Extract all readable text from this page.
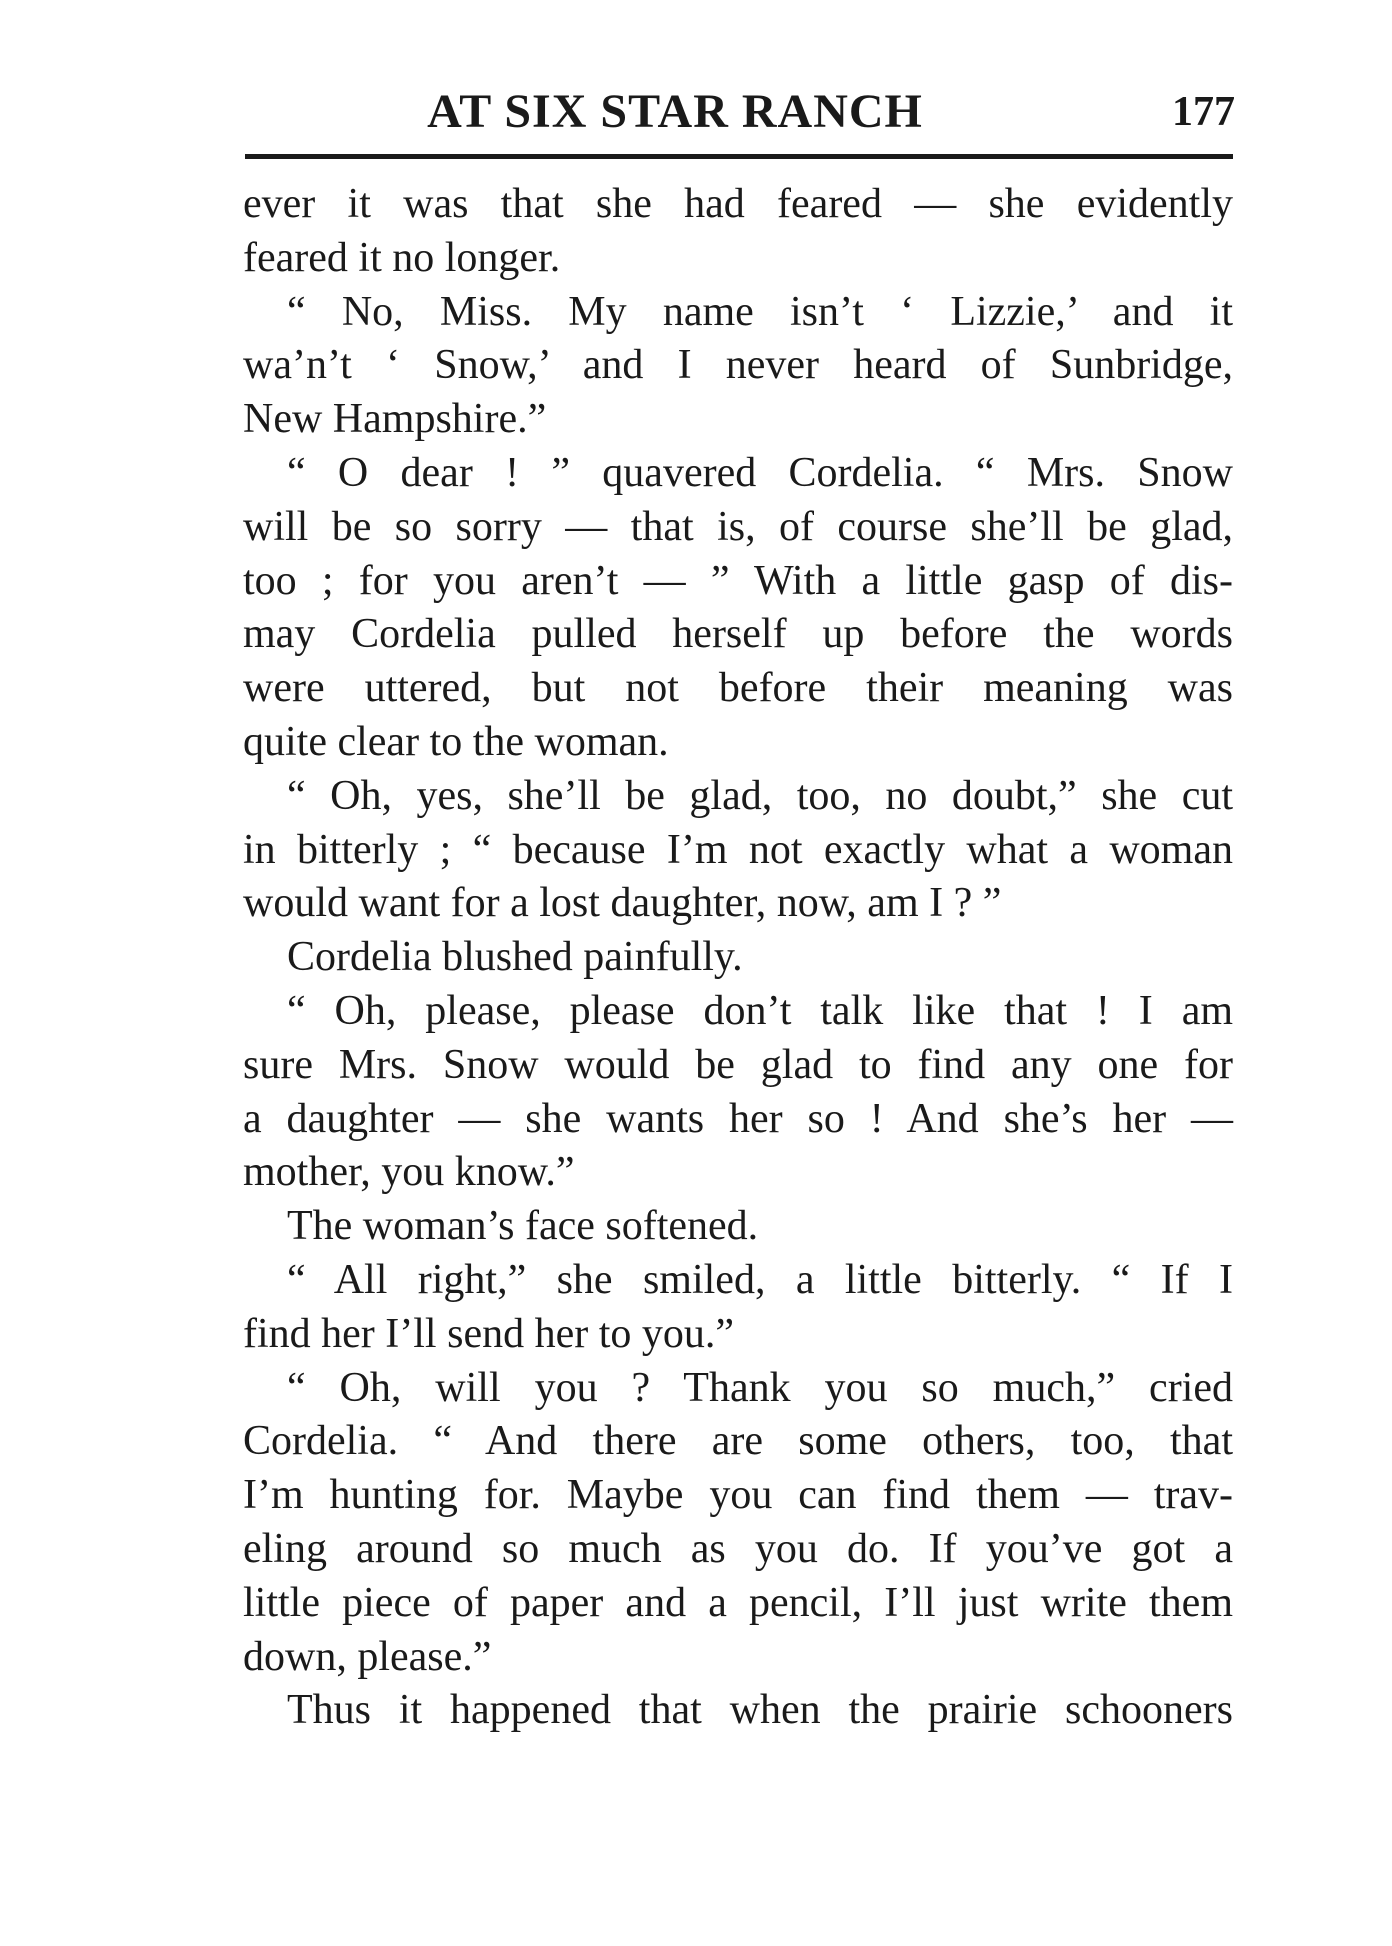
AT SIX STAR RANCH	177
ever it was that she had feared — she evidently
feared it no longer.
“ No, Miss. My name isn’t ‘ Lizzie,’ and it
wa’n’t ‘ Snow,’ and I never heard of Sunbridge,
New Hampshire.”
“ O dear ! ” quavered Cordelia. “ Mrs. Snow
will be so sorry — that is, of course she’ll be glad,
too ; for you aren’t — ” With a little gasp of dis-
may Cordelia pulled herself up before the words
were uttered, but not before their meaning was
quite clear to the woman.
“ Oh, yes, she’ll be glad, too, no doubt,” she cut
in bitterly ; “ because I’m not exactly what a woman
would want for a lost daughter, now, am I ? ”
Cordelia blushed painfully.
“ Oh, please, please don’t talk like that ! I am
sure Mrs. Snow would be glad to find any one for
a daughter — she wants her so ! And she’s her —
mother, you know.”
The woman’s face softened.
“ All right,” she smiled, a little bitterly. “ If I
find her I’ll send her to you.”
“ Oh, will you ? Thank you so much,” cried
Cordelia. “ And there are some others, too, that
I’m hunting for. Maybe you can find them — trav-
eling around so much as you do. If you’ve got a
little piece of paper and a pencil, I’ll just write them
down, please.”
Thus it happened that when the prairie schooners
